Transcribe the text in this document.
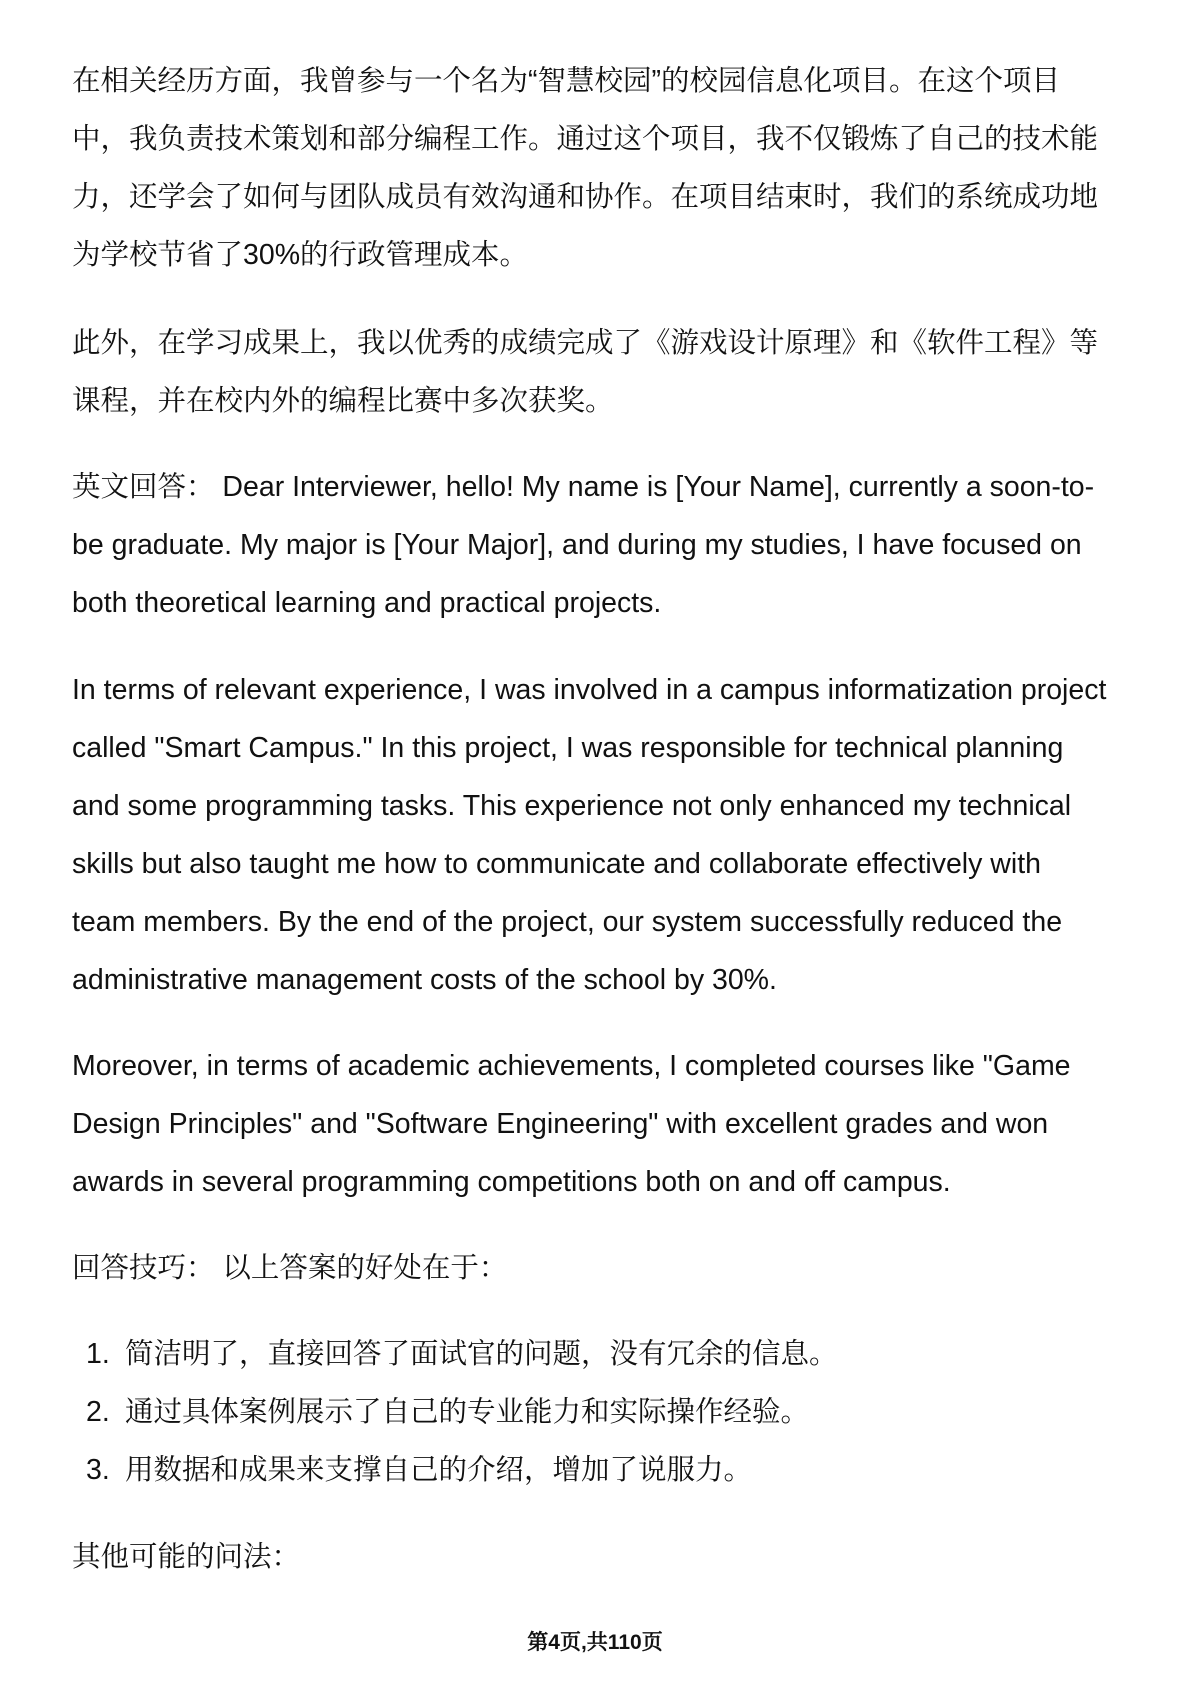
在相关经历方面，我曾参与一个名为“智慧校园”的校园信息化项目。在这个项目
中，我负责技术策划和部分编程工作。通过这个项目，我不仅锻炼了自己的技术能
力，还学会了如何与团队成员有效沟通和协作。在项目结束时，我们的系统成功地
为学校节省了30%的行政管理成本。
此外，在学习成果上，我以优秀的成绩完成了《游戏设计原理》和《软件工程》等
课程，并在校内外的编程比赛中多次获奖。
英文回答： Dear Interviewer, hello! My name is [Your Name], currently a soon-to-
be graduate. My major is [Your Major], and during my studies, I have focused on
both theoretical learning and practical projects.
In terms of relevant experience, I was involved in a campus informatization project
called "Smart Campus." In this project, I was responsible for technical planning
and some programming tasks. This experience not only enhanced my technical
skills but also taught me how to communicate and collaborate effectively with
team members. By the end of the project, our system successfully reduced the
administrative management costs of the school by 30%.
Moreover, in terms of academic achievements, I completed courses like "Game
Design Principles" and "Software Engineering" with excellent grades and won
awards in several programming competitions both on and off campus.
回答技巧： 以上答案的好处在于：
1. 简洁明了，直接回答了面试官的问题，没有冗余的信息。
2. 通过具体案例展示了自己的专业能力和实际操作经验。
3. 用数据和成果来支撑自己的介绍，增加了说服力。
其他可能的问法：
第4页,共110页
